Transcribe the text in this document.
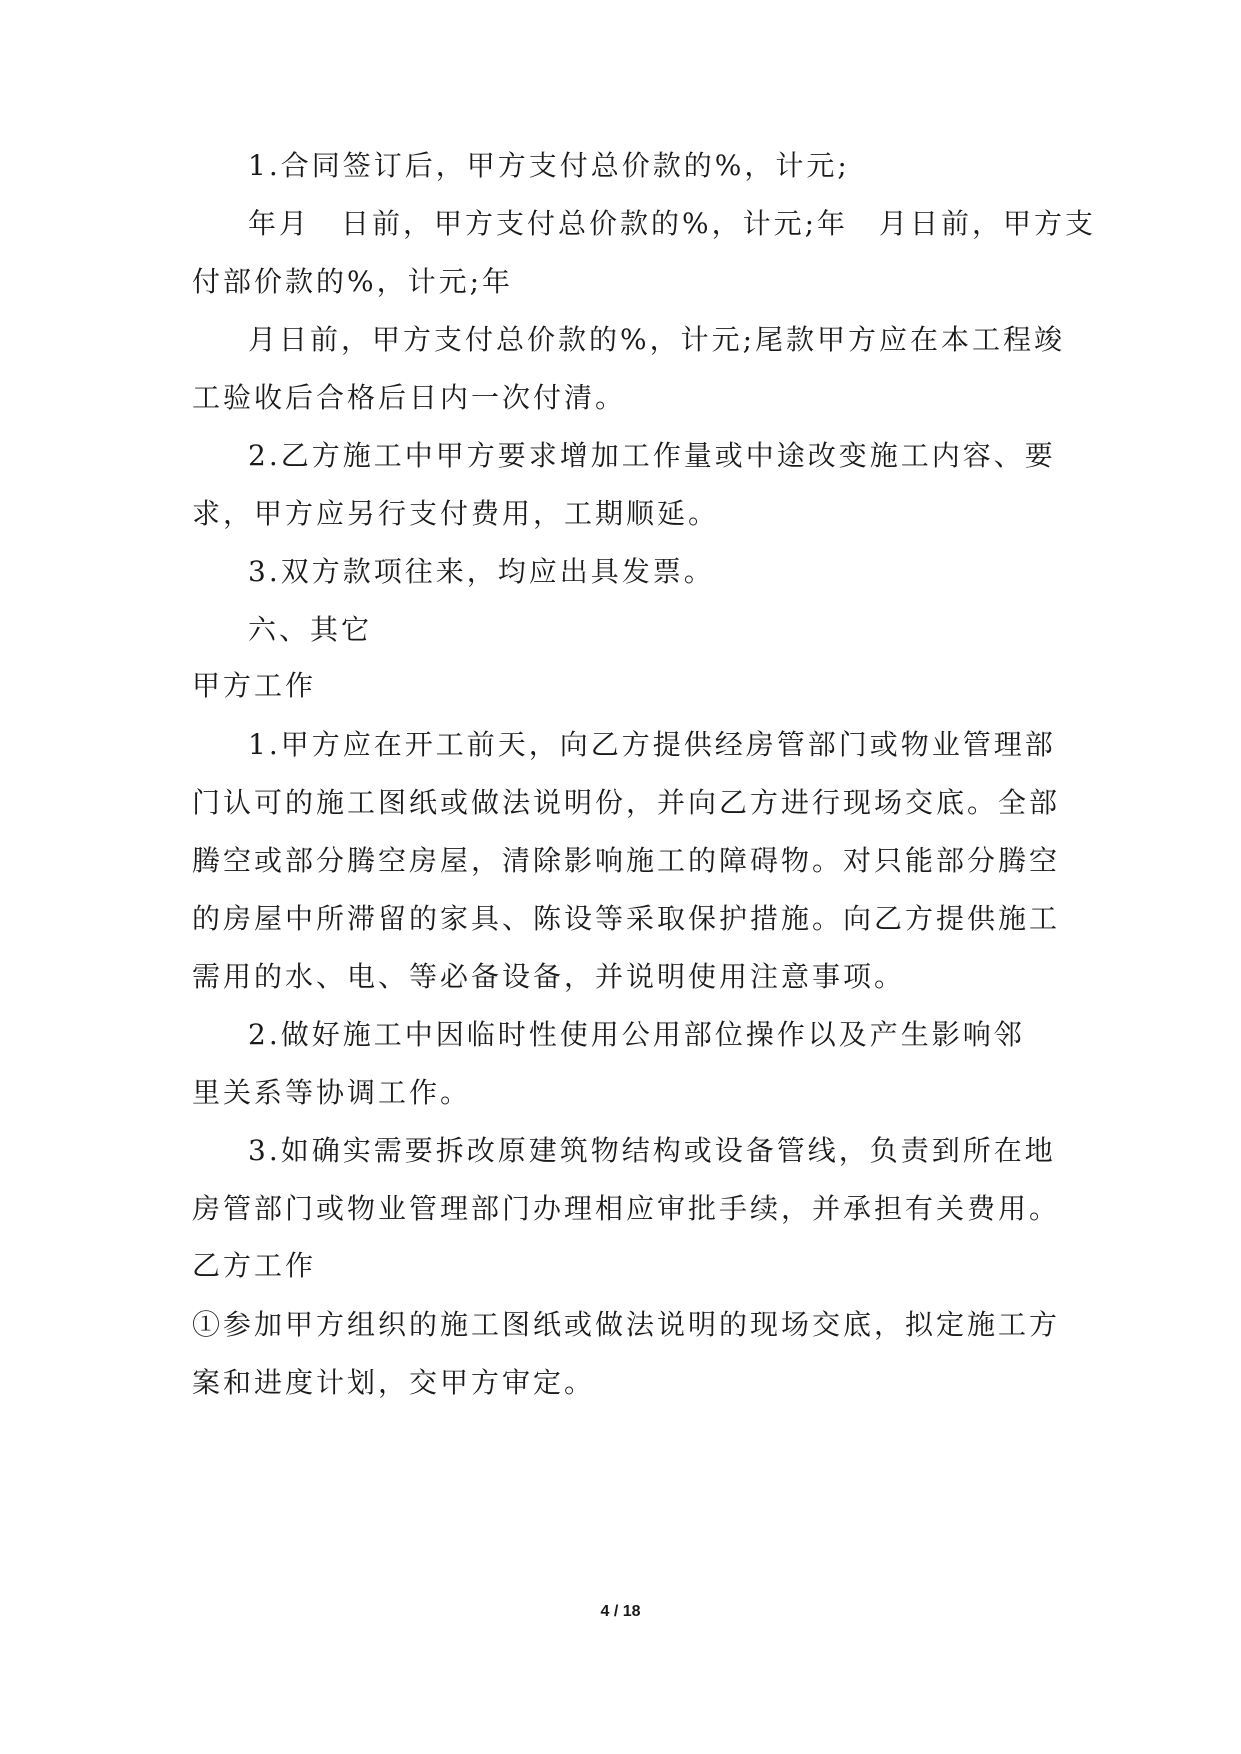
1.合同签订后，甲方支付总价款的%，计元;
年月　日前，甲方支付总价款的%，计元;年　月日前，甲方支
付部价款的%，计元;年
月日前，甲方支付总价款的%，计元;尾款甲方应在本工程竣
工验收后合格后日内一次付清。
2.乙方施工中甲方要求增加工作量或中途改变施工内容、要
求，甲方应另行支付费用，工期顺延。
3.双方款项往来，均应出具发票。
六、其它
甲方工作
1.甲方应在开工前天，向乙方提供经房管部门或物业管理部
门认可的施工图纸或做法说明份，并向乙方进行现场交底。全部
腾空或部分腾空房屋，清除影响施工的障碍物。对只能部分腾空
的房屋中所滞留的家具、陈设等采取保护措施。向乙方提供施工
需用的水、电、等必备设备，并说明使用注意事项。
2.做好施工中因临时性使用公用部位操作以及产生影响邻
里关系等协调工作。
3.如确实需要拆改原建筑物结构或设备管线，负责到所在地
房管部门或物业管理部门办理相应审批手续，并承担有关费用。
乙方工作
①参加甲方组织的施工图纸或做法说明的现场交底，拟定施工方
案和进度计划，交甲方审定。
4 / 18
